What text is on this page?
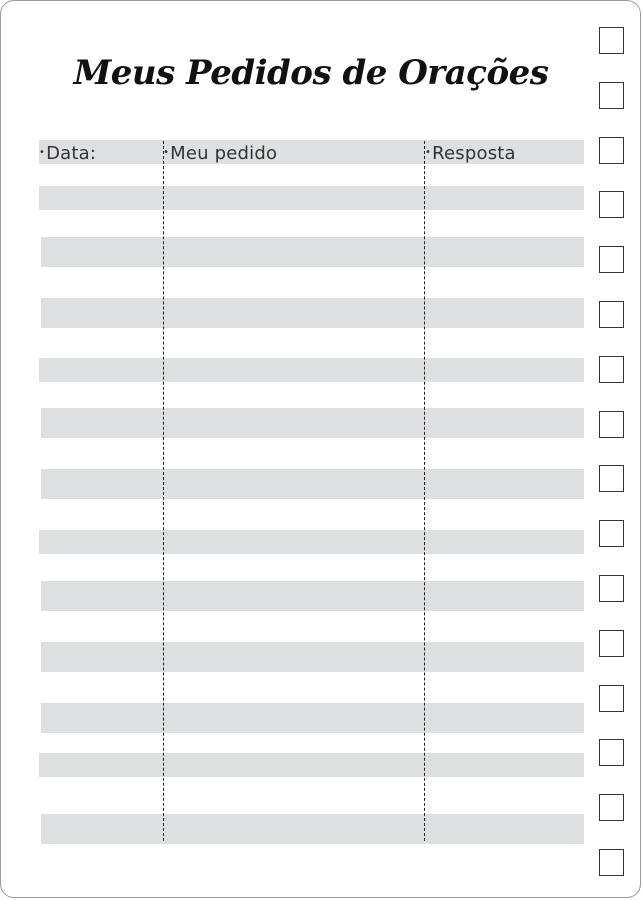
Meus Pedidos de Orações
• Data:	• Meu pedido	• Resposta
